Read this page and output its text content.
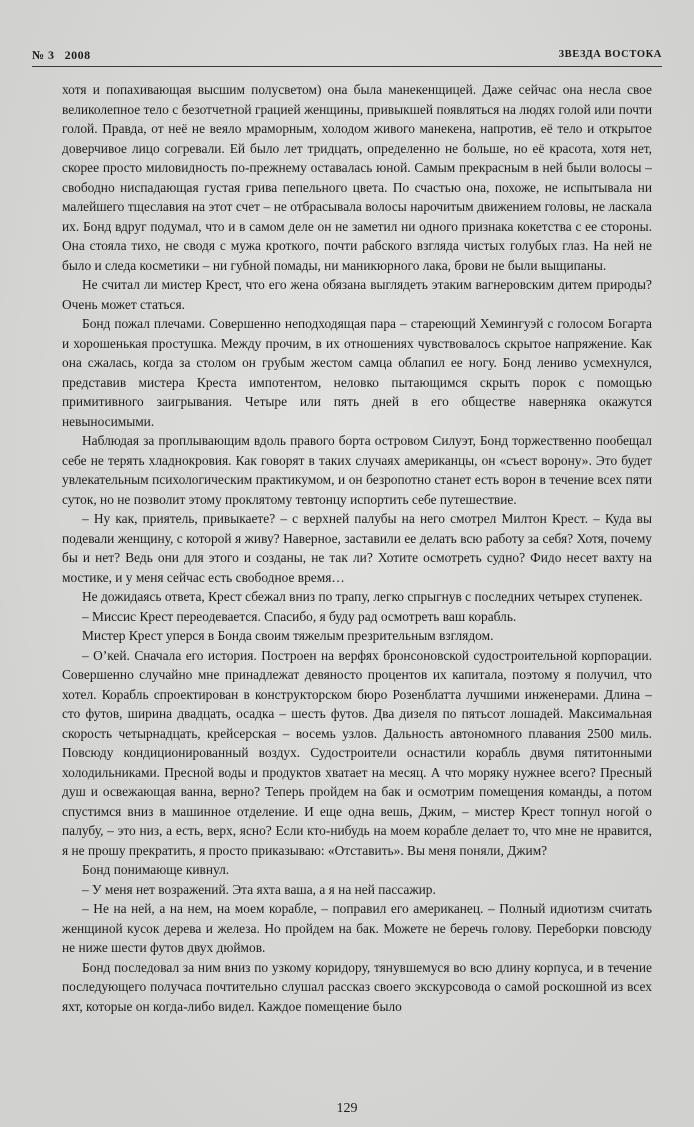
№ 3 2008	ЗВЕЗДА ВОСТОКА

хотя и попахивающая высшим полусветом) она была манекенщицей. Даже сейчас она несла свое великолепное тело с безотчетной грацией женщины, привыкшей появляться на людях голой или почти голой. Правда, от неё не веяло мраморным, холодом живого манекена, напротив, её тело и открытое доверчивое лицо согревали. Ей было лет тридцать, определенно не больше, но её красота, хотя нет, скорее просто миловидность по-прежнему оставалась юной. Самым прекрасным в ней были волосы – свободно ниспадающая густая грива пепельного цвета. По счастью она, похоже, не испытывала ни малейшего тщеславия на этот счет – не отбрасывала волосы нарочитым движением головы, не ласкала их. Бонд вдруг подумал, что и в самом деле он не заметил ни одного признака кокетства с ее стороны. Она стояла тихо, не сводя с мужа кроткого, почти рабского взгляда чистых голубых глаз. На ней не было и следа косметики – ни губной помады, ни маникюрного лака, брови не были выщипаны.

Не считал ли мистер Крест, что его жена обязана выглядеть этаким вагнеровским дитем природы? Очень может статься.

Бонд пожал плечами. Совершенно неподходящая пара – стареющий Хемингуэй с голосом Богарта и хорошенькая простушка. Между прочим, в их отношениях чувствовалось скрытое напряжение. Как она сжалась, когда за столом он грубым жестом самца облапил ее ногу. Бонд лениво усмехнулся, представив мистера Креста импотентом, неловко пытающимся скрыть порок с помощью примитивного заигрывания. Четыре или пять дней в его обществе наверняка окажутся невыносимыми.

Наблюдая за проплывающим вдоль правого борта островом Силуэт, Бонд торжественно пообещал себе не терять хладнокровия. Как говорят в таких случаях американцы, он «съест ворону». Это будет увлекательным психологическим практикумом, и он безропотно станет есть ворон в течение всех пяти суток, но не позволит этому проклятому тевтонцу испортить себе путешествие.

– Ну как, приятель, привыкаете? – с верхней палубы на него смотрел Милтон Крест. – Куда вы подевали женщину, с которой я живу? Наверное, заставили ее делать всю работу за себя? Хотя, почему бы и нет? Ведь они для этого и созданы, не так ли? Хотите осмотреть судно? Фидо несет вахту на мостике, и у меня сейчас есть свободное время…

Не дожидаясь ответа, Крест сбежал вниз по трапу, легко спрыгнув с последних четырех ступенек.

– Миссис Крест переодевается. Спасибо, я буду рад осмотреть ваш корабль.

Мистер Крест уперся в Бонда своим тяжелым презрительным взглядом.

– О’кей. Сначала его история. Построен на верфях бронсоновской судостроительной корпорации. Совершенно случайно мне принадлежат девяносто процентов их капитала, поэтому я получил, что хотел. Корабль спроектирован в конструкторском бюро Розенблатта лучшими инженерами. Длина – сто футов, ширина двадцать, осадка – шесть футов. Два дизеля по пятьсот лошадей. Максимальная скорость четырнадцать, крейсерская – восемь узлов. Дальность автономного плавания 2500 миль. Повсюду кондиционированный воздух. Судостроители оснастили корабль двумя пятитонными холодильниками. Пресной воды и продуктов хватает на месяц. А что моряку нужнее всего? Пресный душ и освежающая ванна, верно? Теперь пройдем на бак и осмотрим помещения команды, а потом спустимся вниз в машинное отделение. И еще одна вешь, Джим, – мистер Крест топнул ногой о палубу, – это низ, а есть, верх, ясно? Если кто-нибудь на моем корабле делает то, что мне не нравится, я не прошу прекратить, я просто приказываю: «Отставить». Вы меня поняли, Джим?

Бонд понимающе кивнул.

– У меня нет возражений. Эта яхта ваша, а я на ней пассажир.

– Не на ней, а на нем, на моем корабле, – поправил его американец. – Полный идиотизм считать женщиной кусок дерева и железа. Но пройдем на бак. Можете не беречь голову. Переборки повсюду не ниже шести футов двух дюймов.

Бонд последовал за ним вниз по узкому коридору, тянувшемуся во всю длину корпуса, и в течение последующего получаса почтительно слушал рассказ своего экскурсовода о самой роскошной из всех яхт, которые он когда-либо видел. Каждое помещение было

129
